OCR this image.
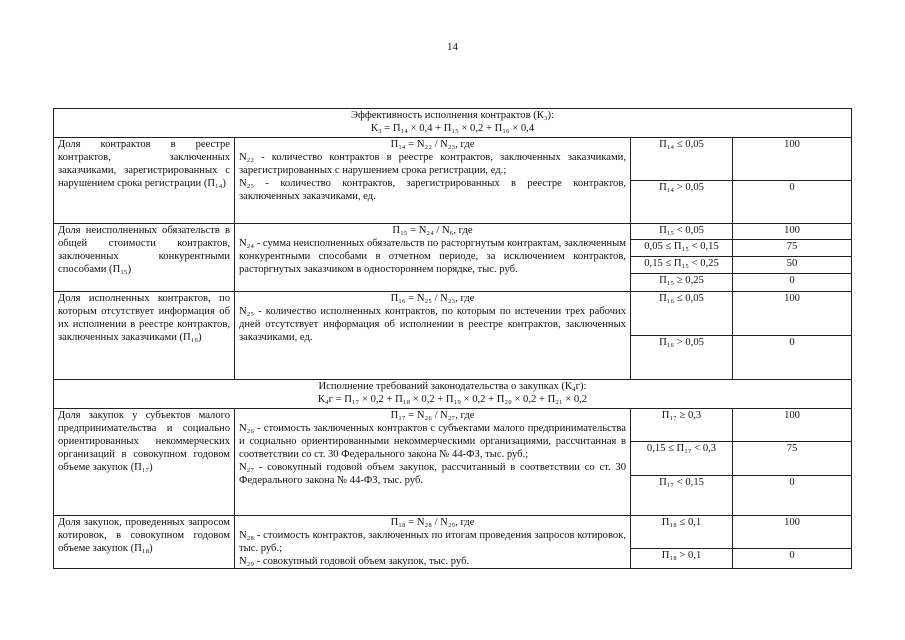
14
Эффективность исполнения контрактов (К₃):
К₃ = П₁₄ × 0,4 + П₁₅ × 0,2 + П₁₆ × 0,4			

Доля контрактов в реестре контрактов, заключенных заказчиками, зарегистрированных с нарушением срока регистрации (П₁₄)	П₁₄ = N₂₂ / N₂₃, где
N₂₂ - количество контрактов в реестре контрактов, заключенных заказчиками, зарегистрированных с нарушением срока регистрации, ед.;
N₂₃ - количество контрактов, зарегистрированных в реестре контрактов, заключенных заказчиками, ед.	П₁₄ ≤ 0,05	100
		П₁₄ > 0,05	0
Доля неисполненных обязательств в общей стоимости контрактов, заключенных конкурентными способами (П₁₅)	П₁₅ = N₂₄ / N₆, где
N₂₄ - сумма неисполненных обязательств по расторгнутым контрактам, заключенным конкурентными способами в отчетном периоде, за исключением контрактов, расторгнутых заказчиком в одностороннем порядке, тыс. руб.	П₁₅ < 0,05	100
		0,05 ≤ П₁₅ < 0,15	75
		0,15 ≤ П₁₅ < 0,25	50
		П₁₅ ≥ 0,25	0
Доля исполненных контрактов, по которым отсутствует информация об их исполнении в реестре контрактов, заключенных заказчиками (П₁₆)	П₁₆ = N₂₅ / N₂₃, где
N₂₅ - количество исполненных контрактов, по которым по истечении трех рабочих дней отсутствует информация об исполнении в реестре контрактов, заключенных заказчиками, ед.	П₁₆ ≤ 0,05	100
		П₁₆ > 0,05	0

Исполнение требований законодательства о закупках (К₄г):
К₄г = П₁₇ × 0,2 + П₁₈ × 0,2 + П₁₉ × 0,2 + П₂₀ × 0,2 + П₂₁ × 0,2			

Доля закупок у субъектов малого предпринимательства и социально ориентированных некоммерческих организаций в совокупном годовом объеме закупок (П₁₇)	П₁₇ = N₂₆ / N₂₇, где
N₂₆ - стоимость заключенных контрактов с субъектами малого предпринимательства и социально ориентированными некоммерческими организациями, рассчитанная в соответствии со ст. 30 Федерального закона № 44-ФЗ, тыс. руб.;
N₂₇ - совокупный годовой объем закупок, рассчитанный в соответствии со ст. 30 Федерального закона № 44-ФЗ, тыс. руб.	П₁₇ ≥ 0,3	100
		0,15 ≤ П₁₇ < 0,3	75
		П₁₇ < 0,15	0
Доля закупок, проведенных запросом котировок, в совокупном годовом объеме закупок (П₁₈)	П₁₈ = N₂₈ / N₂₉, где
N₂₈ - стоимость контрактов, заключенных по итогам проведения запросов котировок, тыс. руб.;
N₂₉ - совокупный годовой объем закупок, тыс. руб.	П₁₈ ≤ 0,1	100
		П₁₈ > 0,1	0
